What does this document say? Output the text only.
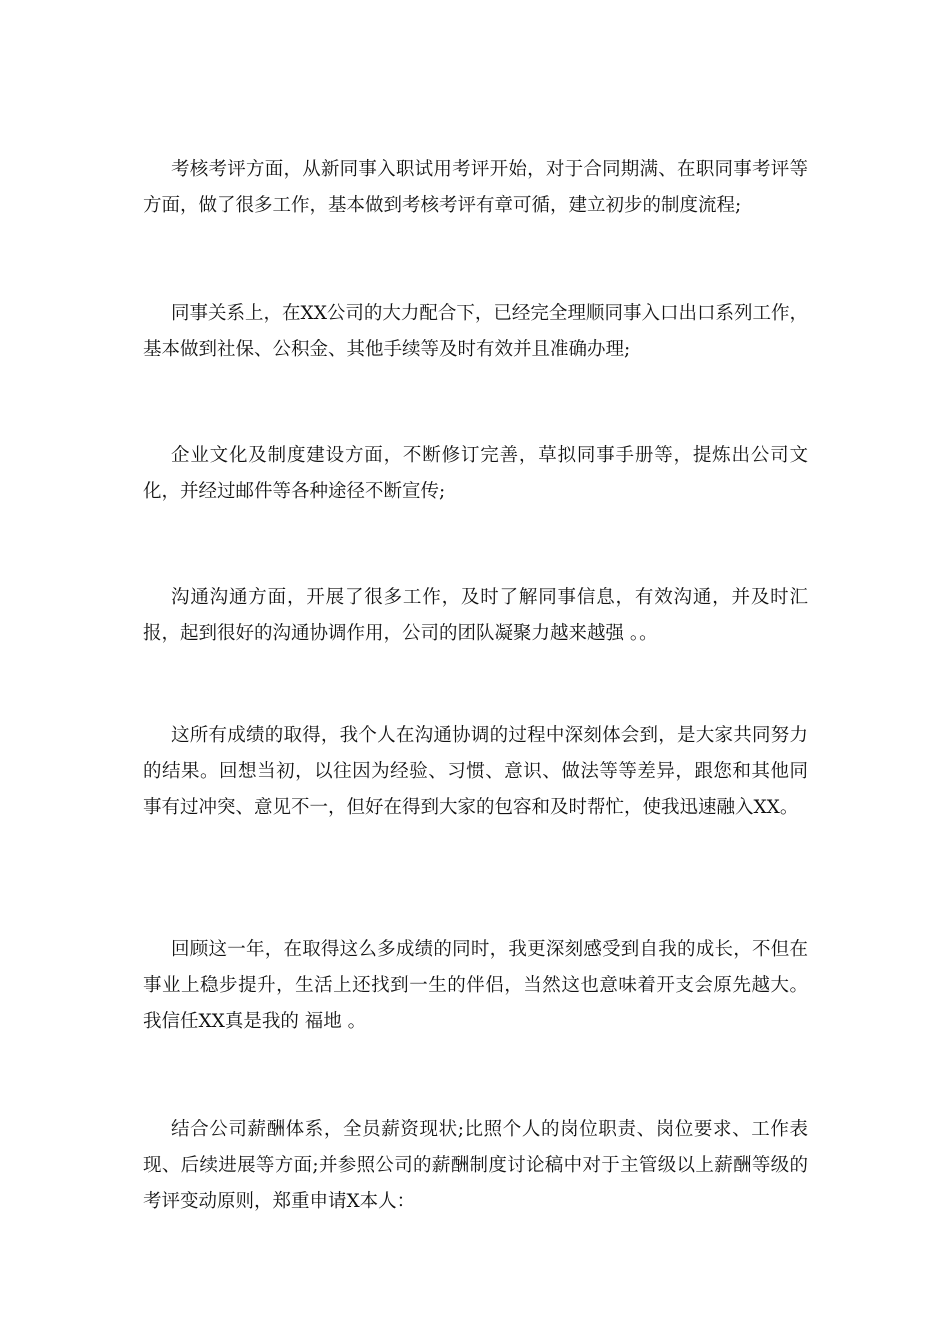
考核考评方面，从新同事入职试用考评开始，对于合同期满、在职同事考评等方面，做了很多工作，基本做到考核考评有章可循，建立初步的制度流程;

同事关系上，在XX公司的大力配合下，已经完全理顺同事入口出口系列工作，基本做到社保、公积金、其他手续等及时有效并且准确办理;

企业文化及制度建设方面，不断修订完善，草拟同事手册等，提炼出公司文化，并经过邮件等各种途径不断宣传;

沟通沟通方面，开展了很多工作，及时了解同事信息，有效沟通，并及时汇报，起到很好的沟通协调作用，公司的团队凝聚力越来越强 。。

这所有成绩的取得，我个人在沟通协调的过程中深刻体会到，是大家共同努力的结果。回想当初，以往因为经验、习惯、意识、做法等等差异，跟您和其他同事有过冲突、意见不一，但好在得到大家的包容和及时帮忙，使我迅速融入XX。

回顾这一年，在取得这么多成绩的同时，我更深刻感受到自我的成长，不但在事业上稳步提升，生活上还找到一生的伴侣，当然这也意味着开支会原先越大。我信任XX真是我的 福地 。

结合公司薪酬体系，全员薪资现状;比照个人的岗位职责、岗位要求、工作表现、后续进展等方面;并参照公司的薪酬制度讨论稿中对于主管级以上薪酬等级的考评变动原则，郑重申请X本人：
